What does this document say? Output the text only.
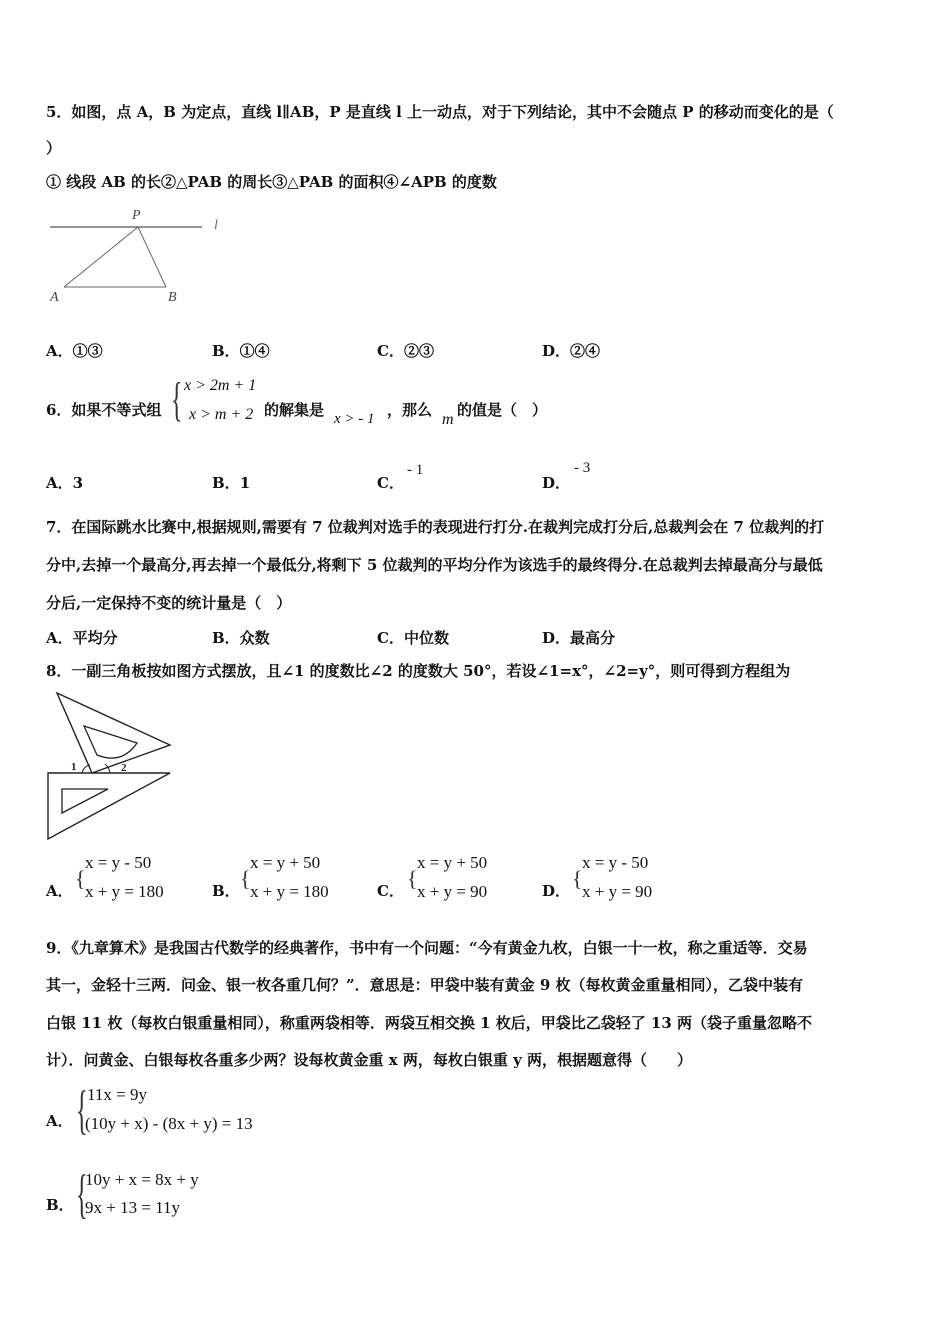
5．如图，点 A，B 为定点，直线 l∥AB，P 是直线 l 上一动点，对于下列结论，其中不会随点 P 的移动而变化的是（
）
① 线段 AB 的长②△PAB 的周长③△PAB 的面积④∠APB 的度数
P
l
A	B
A．①③	B．①④	C．②③	D．②④
6．如果不等式组 { x > 2m + 1
x > m + 2 的解集是 x > - 1 ，那么
m
的值是（　）
A．3	B．1	C．
- 1
D．
- 3
7．在国际跳水比赛中,根据规则,需要有 7 位裁判对选手的表现进行打分.在裁判完成打分后,总裁判会在 7 位裁判的打
分中,去掉一个最高分,再去掉一个最低分,将剩下 5 位裁判的平均分作为该选手的最终得分.在总裁判去掉最高分与最低
分后,一定保持不变的统计量是（　）
A．平均分	B．众数	C．中位数	D．最高分
8．一副三角板按如图方式摆放，且∠1 的度数比∠2 的度数大 50°，若设∠1=x°，∠2=y°，则可得到方程组为
1	2
A． {
x = y - 50
x + y = 180	B． {
x = y + 50
x + y = 180	C． {
x = y + 50
x + y = 90	D． {
x = y - 50
x + y = 90
9．《九章算术》是我国古代数学的经典著作，书中有一个问题：“今有黄金九枚，白银一十一枚，称之重适等．交易
其一，金轻十三两．问金、银一枚各重几何？”．意思是：甲袋中装有黄金 9 枚（每枚黄金重量相同），乙袋中装有
白银 11 枚（每枚白银重量相同），称重两袋相等．两袋互相交换 1 枚后，甲袋比乙袋轻了 13 两（袋子重量忽略不
计）．问黄金、白银每枚各重多少两？设每枚黄金重 x 两，每枚白银重 y 两，根据题意得（　　）
A． { 11x = 9y
(10y + x) - (8x + y) = 13
B． {
10y + x = 8x + y
9x + 13 = 11y
